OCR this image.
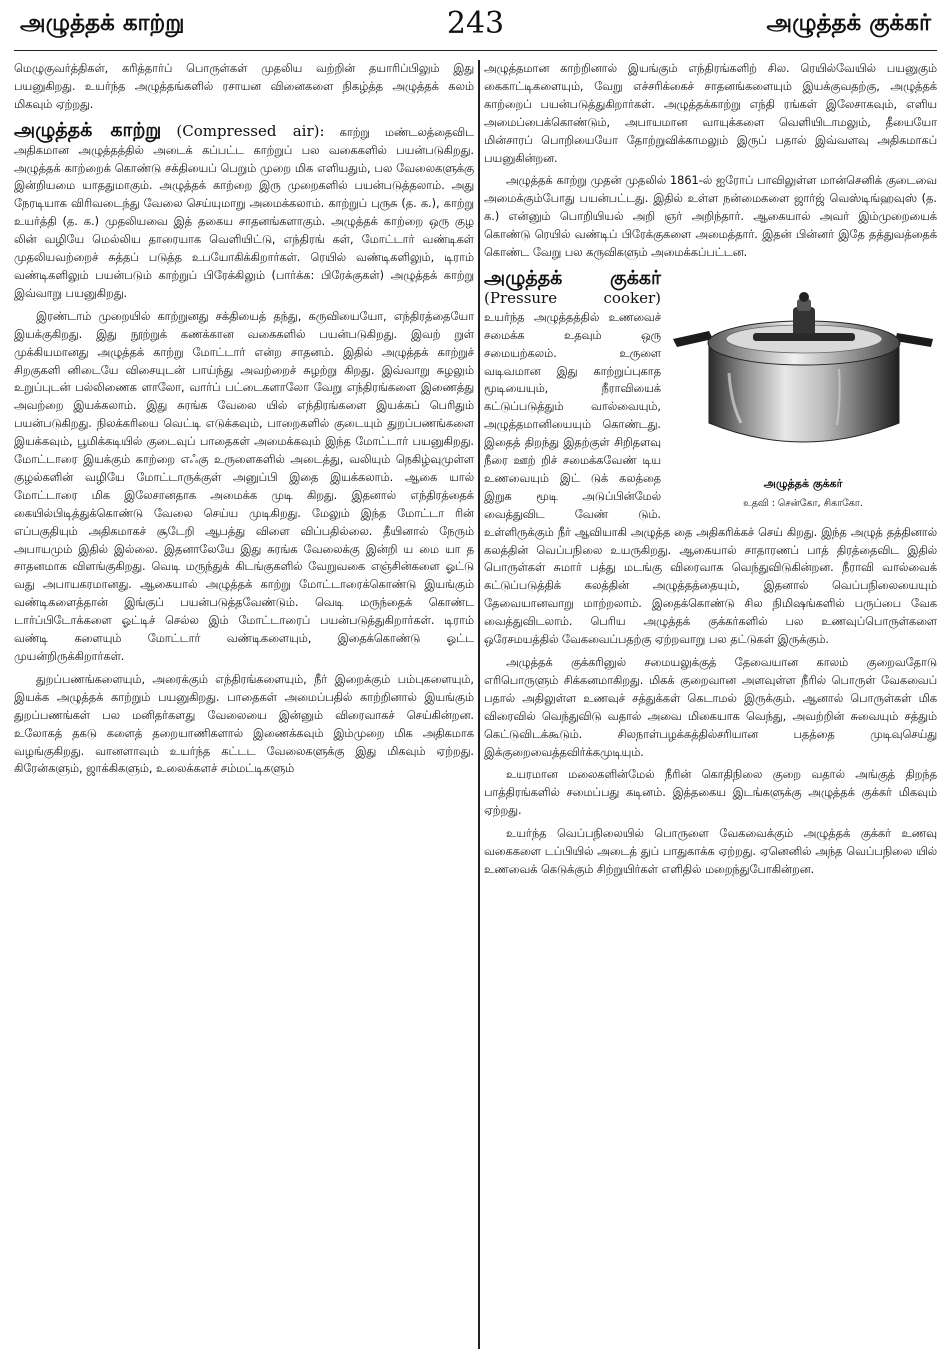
அழுத்தக் காற்று	243	அழுத்தக் குக்கர்

மெழுகுவர்த்திகள், கரித்தார்ப் பொருள்கள் முதலிய வற்றின் தயாரிப்பிலும் இது பயனுகிறது. உயர்ந்த அழுத்தங்களில் ரசாயன வினைகளை நிகழ்த்த அழுத்தக் கலம் மிகவும் ஏற்றது.

அழுத்தக் காற்று (Compressed air): காற்று மண்டலத்தைவிட அதிகமான அழுத்தத்தில் அடைக் கப்பட்ட காற்றுப் பல வகைகளில் பயன்படுகிறது. அழுத்தக் காற்றைக் கொண்டு சக்தியைப் பெறும் முறை மிக எளியதும், பல வேலைகளுக்கு இன்றியமை யாததுமாகும். அழுத்தக் காற்றை இரு முறைகளில் பயன்படுத்தலாம். அது நேரடியாக விரிவடைந்து வேலை செய்யுமாறு அமைக்கலாம். காற்றுப் புருசு (த. க.), காற்று உயர்த்தி (த. க.) முதலியவை இத் தகைய சாதனங்களாகும். அழுத்தக் காற்றை ஒரு குழ லின் வழியே மெல்லிய தாரையாக வெளியிட்டு, எந்திரங் கள், மோட்டார் வண்டிகள் முதலியவற்றைச் சுத்தப் படுத்த உபயோகிக்கிறார்கள். ரெயில் வண்டிகளிலும், டிராம் வண்டிகளிலும் பயன்படும் காற்றுப் பிரேக்கிலும் (பார்க்க: பிரேக்குகள்) அழுத்தக் காற்று இவ்வாறு பயனுகிறது.

இரண்டாம் முறையில் காற்றுனது சக்தியைத் தந்து, கருவியையோ, எந்திரத்தையோ இயக்குகிறது. இது நூற்றுக் கணக்கான வகைகளில் பயன்படுகிறது. இவற் றுள் முக்கியமானது அழுத்தக் காற்று மோட்டார் என்ற சாதனம். இதில் அழுத்தக் காற்றுச் சிறகுகளி னிடையே விசையுடன் பாய்ந்து அவற்றைச் சுழற்று கிறது. இவ்வாறு சுழலும் உறுப்புடன் பல்லிணைக ளாலோ, வார்ப் பட்டைகளாலோ வேறு எந்திரங்களை இணைத்து அவற்றை இயக்கலாம். இது சுரங்க வேலை யில் எந்திரங்களை இயக்கப் பெரிதும் பயன்படுகிறது. நிலக்கரியை வெட்டி எடுக்கவும், பாறைகளில் குடையும் துறப்பணங்களை இயக்கவும், பூமிக்கடியில் குடைவுப் பாதைகள் அமைக்கவும் இந்த மோட்டார் பயனுகிறது. மோட்டாரை இயக்கும் காற்றை எஃகு உருளைகளில் அடைத்து, வலியும் நெகிழ்வுமுள்ள குழல்களின் வழியே மோட்டாருக்குள் அனுப்பி இதை இயக்கலாம். ஆகை யால் மோட்டாரை மிக இலேசானதாக அமைக்க முடி கிறது. இதனால் எந்திரத்தைக் கையில்பிடித்துக்கொண்டு வேலை செய்ய முடிகிறது. மேலும் இந்த மோட்டா ரின் எப்பகுதியும் அதிகமாகச் சூடேறி ஆபத்து விளை விப்பதில்லை. தீயினால் நேரும் அபாயமும் இதில் இல்லை. இதனாலேயே இது சுரங்க வேலைக்கு இன்றி ய மை யா த சாதனமாக விளங்குகிறது. வெடி மருந்துக் கிடங்குகளில் வேறுவகை எஞ்சின்களை ஓட்டு வது அபாயகரமானது. ஆகையால் அழுத்தக் காற்று மோட்டாரைக்கொண்டு இயங்கும் வண்டிகளைத்தான் இங்குப் பயன்படுத்தவேண்டும். வெடி மருந்தைக் கொண்ட டார்ப்பிடோக்களை ஓட்டிச் செல்ல இம் மோட்டாரைப் பயன்படுத்துகிறார்கள். டிராம் வண்டி களையும் மோட்டார் வண்டிகளையும், இதைக்கொண்டு ஓட்ட முயன்றிருக்கிறார்கள்.

துறப்பணங்களையும், அரைக்கும் எந்திரங்களையும், நீர் இறைக்கும் பம்புகளையும், இயக்க அழுத்தக் காற்றும் பயனுகிறது. பாதைகள் அமைப்பதில் காற்றினால் இயங்கும் துறப்பணங்கள் பல மனிதர்களது வேலையை இன்னும் விரைவாகச் செய்கின்றன. உலோகத் தகடு களைத் தறையாணிகளால் இணைக்கவும் இம்முறை மிக அதிகமாக வழங்குகிறது. வானளாவும் உயர்ந்த கட்டட வேலைகளுக்கு இது மிகவும் ஏற்றது. கிரேன்களும், ஜாக்கிகளும், உலைக்களச் சம்மட்டிகளும்

அழுத்தமான காற்றினால் இயங்கும் எந்திரங்களிற் சில. ரெயில்வேயில் பயனுகும் கைகாட்டிகளையும், வேறு எச்சரிக்கைச் சாதனங்களையும் இயக்குவதற்கு, அழுத்தக் காற்றைப் பயன்படுத்துகிறார்கள். அழுத்தக்காற்று எந்தி ரங்கள் இலேசாகவும், எளிய அமைப்பைக்கொண்டும், அபாயமான வாயுக்களை வெளியிடாமலும், தீயையோ மின்சாரப் பொறியையோ தோற்றுவிக்காமலும் இருப் பதால் இவ்வளவு அதிகமாகப் பயனுகின்றன.

அழுத்தக் காற்று முதன் முதலில் 1861-ல் ஐரோப் பாவிலுள்ள மான்செனிக் குடைவை அமைக்கும்போது பயன்பட்டது. இதில் உள்ள நன்மைகளை ஜார்ஜ் வெஸ்டிங்ஹவுஸ் (த. க.) என்னும் பொறியியல் அறி ஞர் அறிந்தார். ஆகையால் அவர் இம்முறையைக் கொண்டு ரெயில் வண்டிப் பிரேக்குகளை அமைத்தார். இதன் பின்னர் இதே தத்துவத்தைக் கொண்ட வேறு பல கருவிகளும் அமைக்கப்பட்டன.

அழுத்தக் குக்கர்
உதவி : சென்கோ, சிகாகோ.

அழுத்தக் குக்கர் (Pressure cooker) உயர்ந்த அழுத்தத்தில் உணவைச் சமைக்க உதவும் ஒரு சமையற்கலம். உருளை வடிவமான இது காற்றுப்புகாத மூடியையும், நீராவியைக் கட்டுப்படுத்தும் வால்வையும், அழுத்தமானியையும் கொண்டது. இதைத் திறந்து இதற்குள் சிறிதளவு நீரை ஊற் றிச் சமைக்கவேண் டிய உணவையும் இட் டுக் கலத்தை இறுக மூடி அடுப்பின்மேல் வைத்துவிட வேண் டும். உள்ளிருக்கும் நீர் ஆவியாகி அழுத்த தை அதிகரிக்கச் செய் கிறது. இந்த அழுத் தத்தினால் கலத்தின் வெப்பநிலை உயருகிறது. ஆகையால் சாதாரணப் பாத் திரத்தைவிட இதில் பொருள்கள் சுமார் பத்து மடங்கு விரைவாக வெந்துவிடுகின்றன. நீராவி வால்வைக் கட்டுப்படுத்திக் கலத்தின் அழுத்தத்தையும், இதனால் வெப்பநிலையையும் தேவையானவாறு மாற்றலாம். இதைக்கொண்டு சில நிமிஷங்களில் பருப்பை வேக வைத்துவிடலாம். பெரிய அழுத்தக் குக்கர்களில் பல உணவுப்பொருள்களை ஒரேசமயத்தில் வேகவைப்பதற்கு ஏற்றவாறு பல தட்டுகள் இருக்கும்.

அழுத்தக் குக்கரினுல் சமையலுக்குத் தேவையான காலம் குறைவதோடு எரிபொருளும் சிக்கனமாகிறது. மிகக் குறைவான அளவுள்ள நீரில் பொருள் வேகவைப் பதால் அதிலுள்ள உணவுச் சத்துக்கள் கெடாமல் இருக்கும். ஆனால் பொருள்கள் மிக விரைவில் வெந்துவிடு வதால் அவை மிகையாக வெந்து, அவற்றின் சுவையும் சத்தும் கெட்டுவிடக்கூடும். சிலநாள்பழக்கத்தில்சரியான பதத்தை முடிவுசெய்து இக்குறைவைத்தவிர்க்கமுடியும்.

உயரமான மலைகளின்மேல் நீரின் கொதிநிலை குறை வதால் அங்குத் திறந்த பாத்திரங்களில் சமைப்பது கடினம். இத்தகைய இடங்களுக்கு அழுத்தக் குக்கர் மிகவும் ஏற்றது.

உயர்ந்த வெப்பநிலையில் பொருளை வேகவைக்கும் அழுத்தக் குக்கர் உணவு வகைகளை டப்பியில் அடைத் துப் பாதுகாக்க ஏற்றது. ஏனெனில் அந்த வெப்பநிலை யில் உணவைக் கெடுக்கும் சிற்றுயிர்கள் எளிதில் மறைந்துபோகின்றன.
